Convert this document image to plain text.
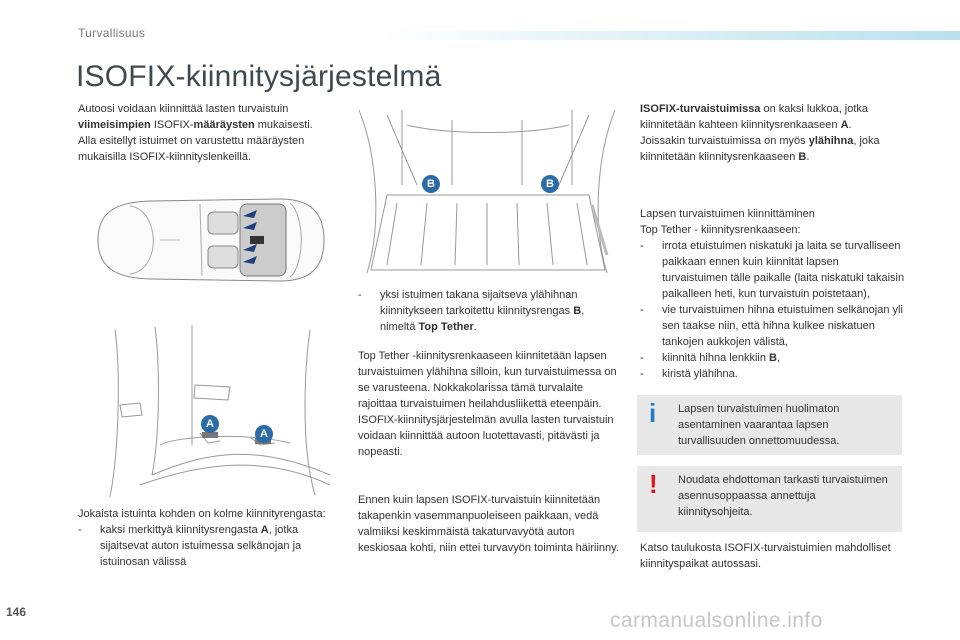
Turvallisuus
ISOFIX-kiinnitysjärjestelmä

Autoosi voidaan kiinnittää lasten turvaistuin viimeisimpien ISOFIX-määräysten mukaisesti.

Alla esitellyt istuimet on varustettu määräysten mukaisilla ISOFIX-kiinnityslenkeillä.

A
A

Jokaista istuinta kohden on kolme kiinnityrengasta:

-	kaksi merkittyä kiinnitysrengasta A, jotka sijaitsevat auton istuimessa selkänojan ja istuinosan välissä
B	B
-	yksi istuimen takana sijaitseva ylähihnan kiinnitykseen tarkoitettu kiinnitysrengas B, nimeltä Top Tether.
Top Tether -kiinnitysrenkaaseen kiinnitetään lapsen turvaistuimen ylähihna silloin, kun turvaistuimessa on se varusteena. Nokkakolarissa tämä turvalaite rajoittaa turvaistuimen heilahdusliikettä eteenpäin. ISOFIX-kiinnitysjärjestelmän avulla lasten turvaistuin voidaan kiinnittää autoon luotettavasti, pitävästi ja nopeasti.
Ennen kuin lapsen ISOFIX-turvaistuin kiinnitetään takapenkin vasemmanpuoleiseen paikkaan, vedä valmiiksi keskimmäistä takaturvavyötä auton keskiosaa kohti, niin ettei turvavyön toiminta häiriinny.

ISOFIX-turvaistuimissa on kaksi lukkoa, jotka kiinnitetään kahteen kiinnitysrenkaaseen A.

Joissakin turvaistuimissa on myös ylähihna, joka kiinnitetään kiinnitysrenkaaseen B.

Lapsen turvaistuimen kiinnittäminen

Top Tether - kiinnitysrenkaaseen:

-	irrota etuistuimen niskatuki ja laita se turvalliseen paikkaan ennen kuin kiinnität lapsen turvaistuimen tälle paikalle (laita niskatuki takaisin paikalleen heti, kun turvaistuin poistetaan),
-	vie turvaistuimen hihna etuistuimen selkänojan yli sen taakse niin, että hihna kulkee niskatuen tankojen aukkojen välistä,
-	kiinnitä hihna lenkkiin B,
-	kiristä ylähihna.
i Lapsen turvaistuimen huolimaton asentaminen vaarantaa lapsen turvallisuuden onnettomuudessa.
! Noudata ehdottoman tarkasti turvaistuimen asennusoppaassa annettuja kiinnitysohjeita.
Katso taulukosta ISOFIX-turvaistuimien mahdolliset kiinnityspaikat autossasi.
146	carmanualsonline.info
